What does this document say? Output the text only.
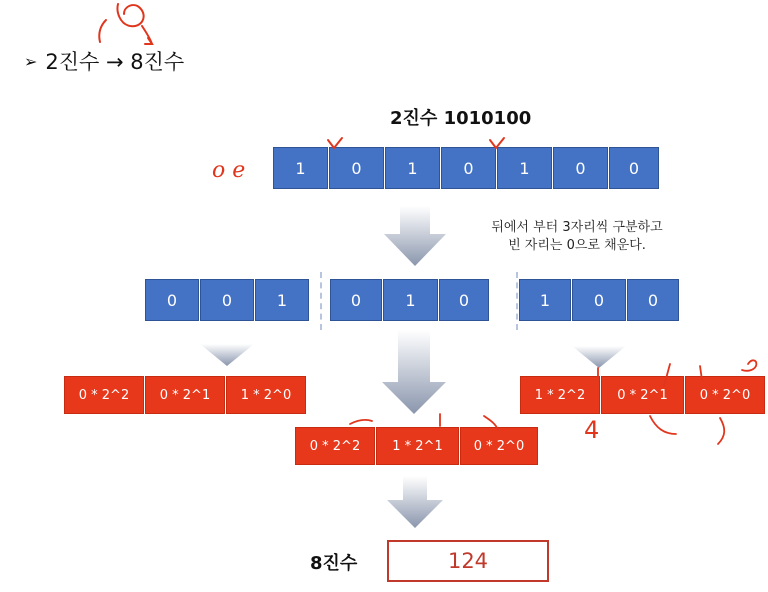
➢ 2진수 → 8진수
2진수 1010100
1	0	1	0	1	0	0
뒤에서 부터 3자리씩 구분하고
빈 자리는 0으로 채운다.
0	0	1	0	1	0	1	0	0
0 * 2^2	0 * 2^1	1 * 2^0
0 * 2^2	1 * 2^1	0 * 2^0
1 * 2^2	0 * 2^1	0 * 2^0
8진수	124
o e
4
